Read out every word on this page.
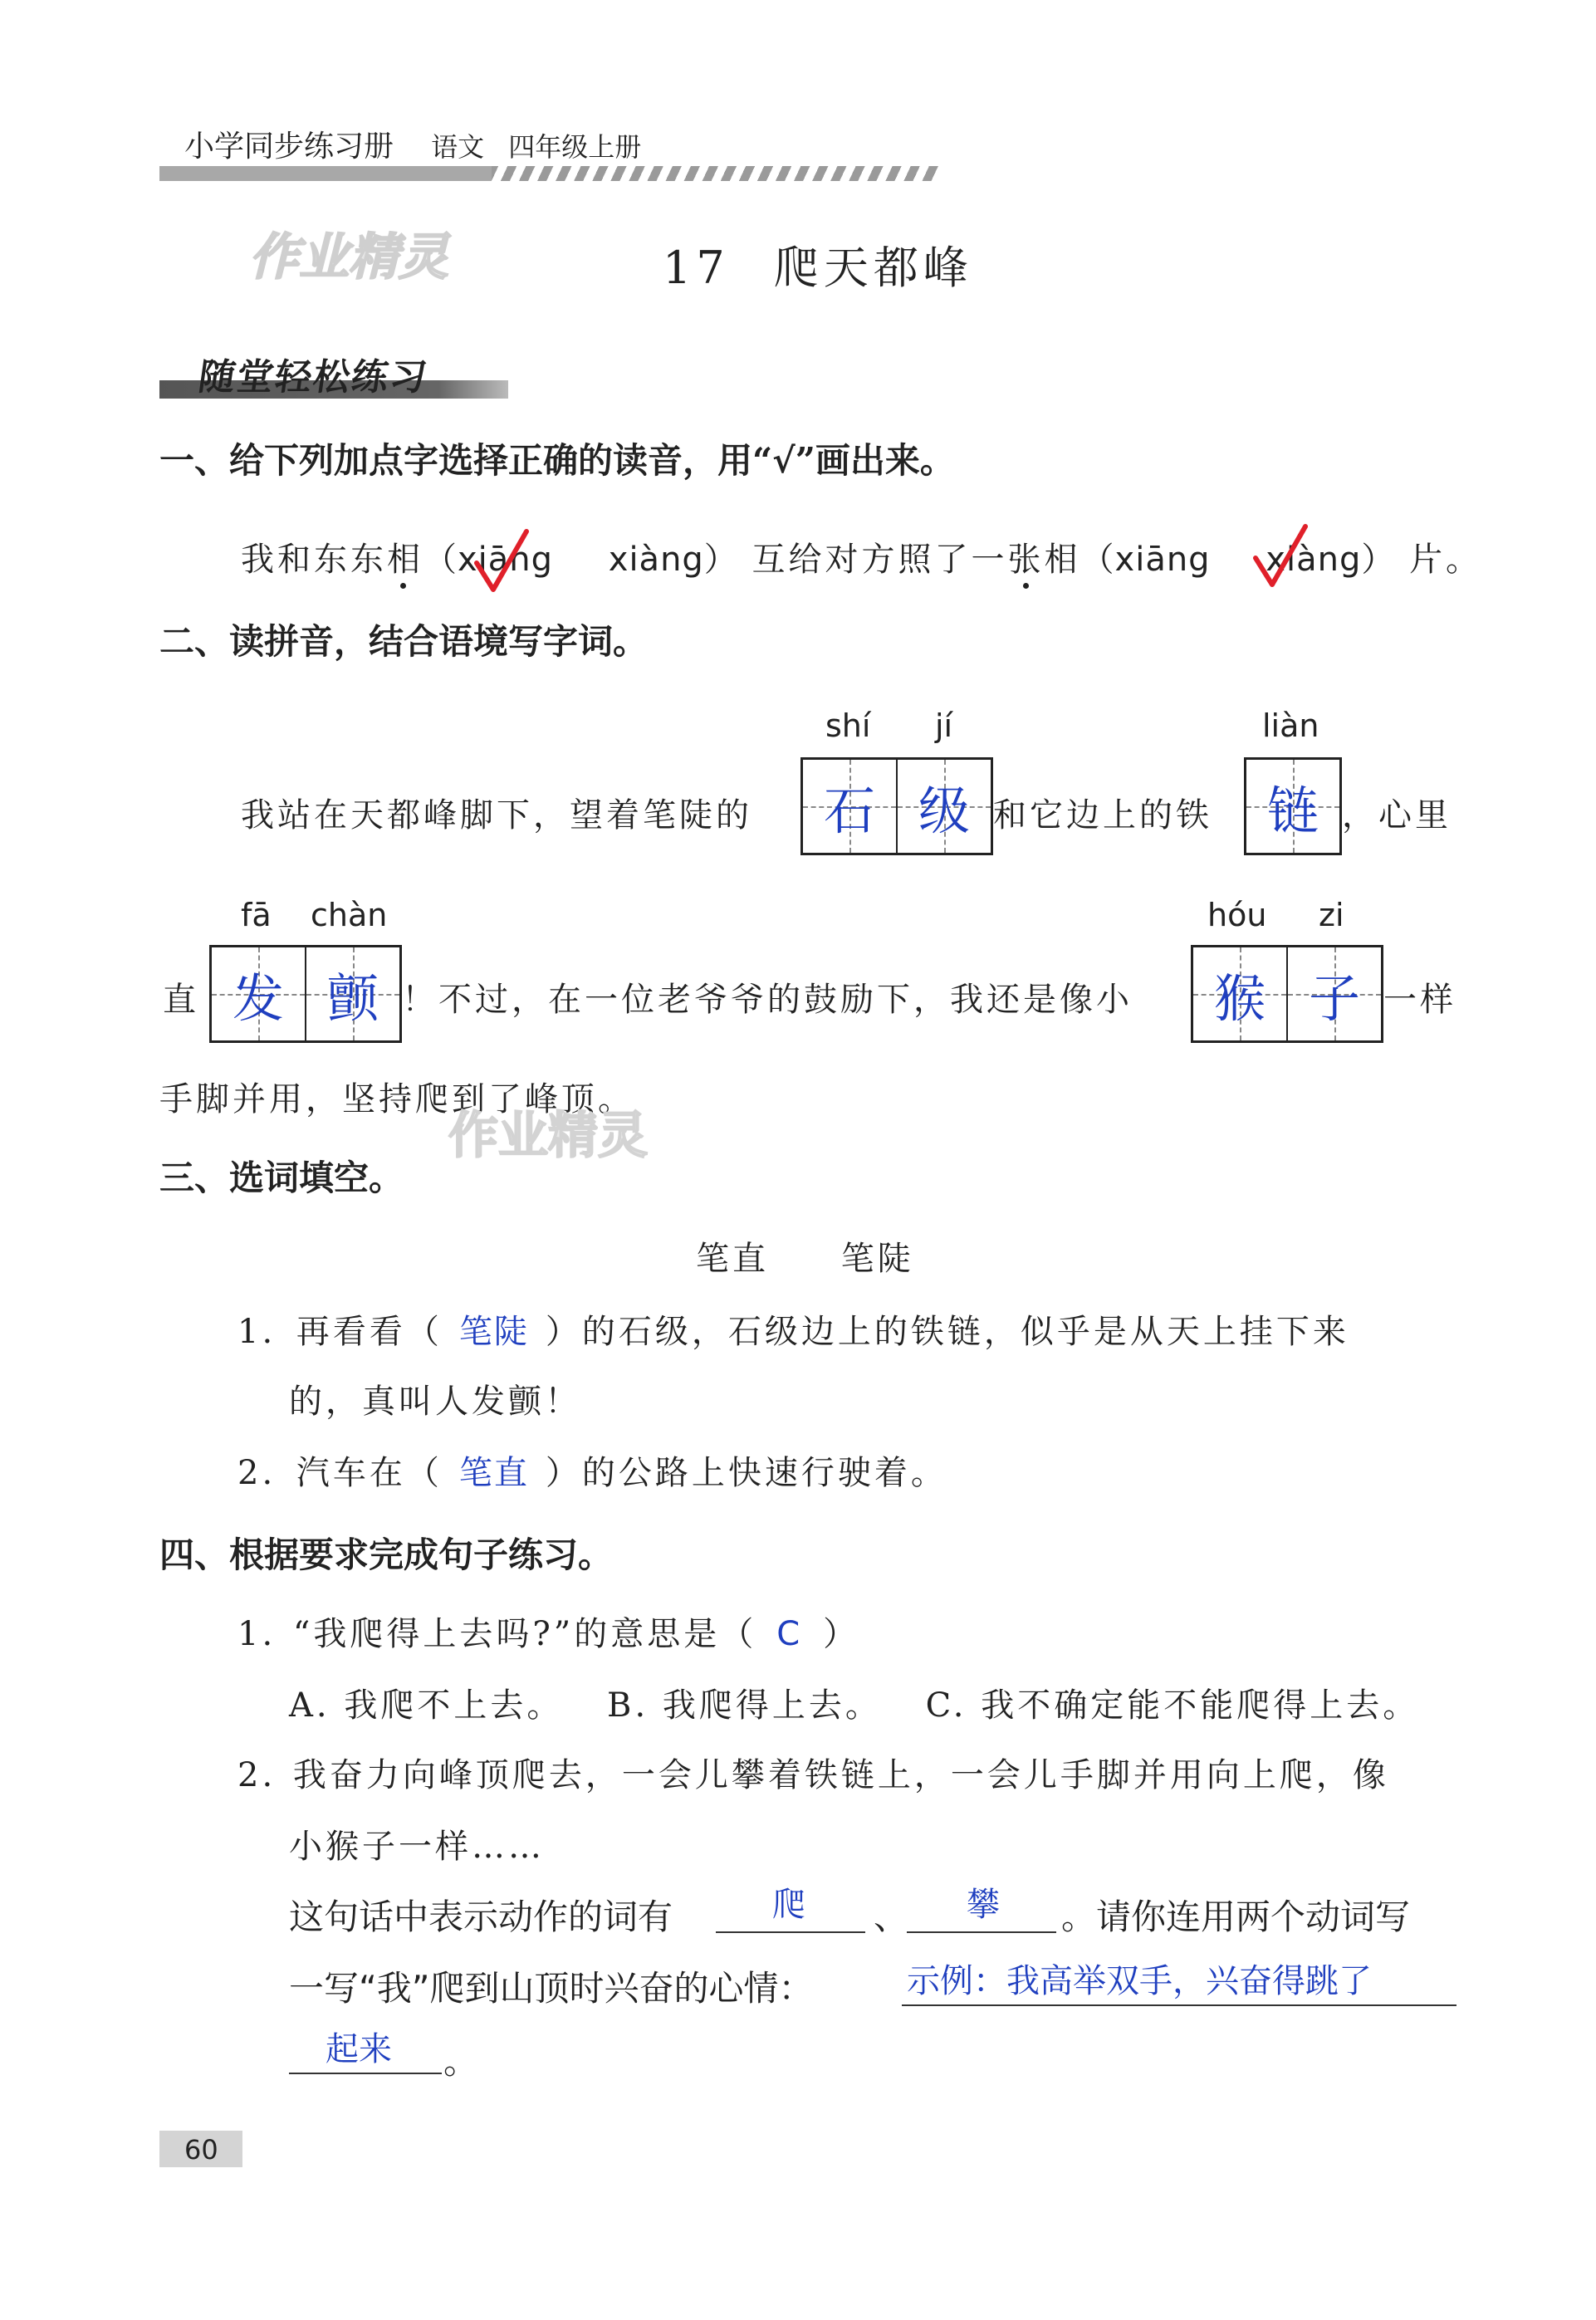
小学同步练习册 语文 四年级上册
作业精灵	17 爬天都峰
随堂轻松练习
一、给下列加点字选择正确的读音，用“√”画出来。
我和东东相（xiāng xiàng） 互给对方照了一张相（xiāng xiàng） 片。
二、读拼音，结合语境写字词。
shí jí	liàn
我站在天都峰脚下，望着笔陡的 石 级 和它边上的铁 链 ，心里
fā chàn	hóu zi
直 发 颤 ！不过，在一位老爷爷的鼓励下，我还是像小 猴 子 一样
手脚并用，坚持爬到了峰顶。
作业精灵
三、选词填空。
笔直 笔陡
1. 再看看（ 笔陡 ）的石级，石级边上的铁链，似乎是从天上挂下来
的，真叫人发颤！
2. 汽车在（ 笔直 ）的公路上快速行驶着。
四、根据要求完成句子练习。
1. “我爬得上去吗?”的意思是（ C ）
A. 我爬不上去。 B. 我爬得上去。 C. 我不确定能不能爬得上去。
2. 我奋力向峰顶爬去，一会儿攀着铁链上，一会儿手脚并用向上爬，像
小猴子一样……
这句话中表示动作的词有	爬 、 攀 。请你连用两个动词写
一写“我”爬到山顶时兴奋的心情：	示例：我高举双手，兴奋得跳了
起来 。
60
